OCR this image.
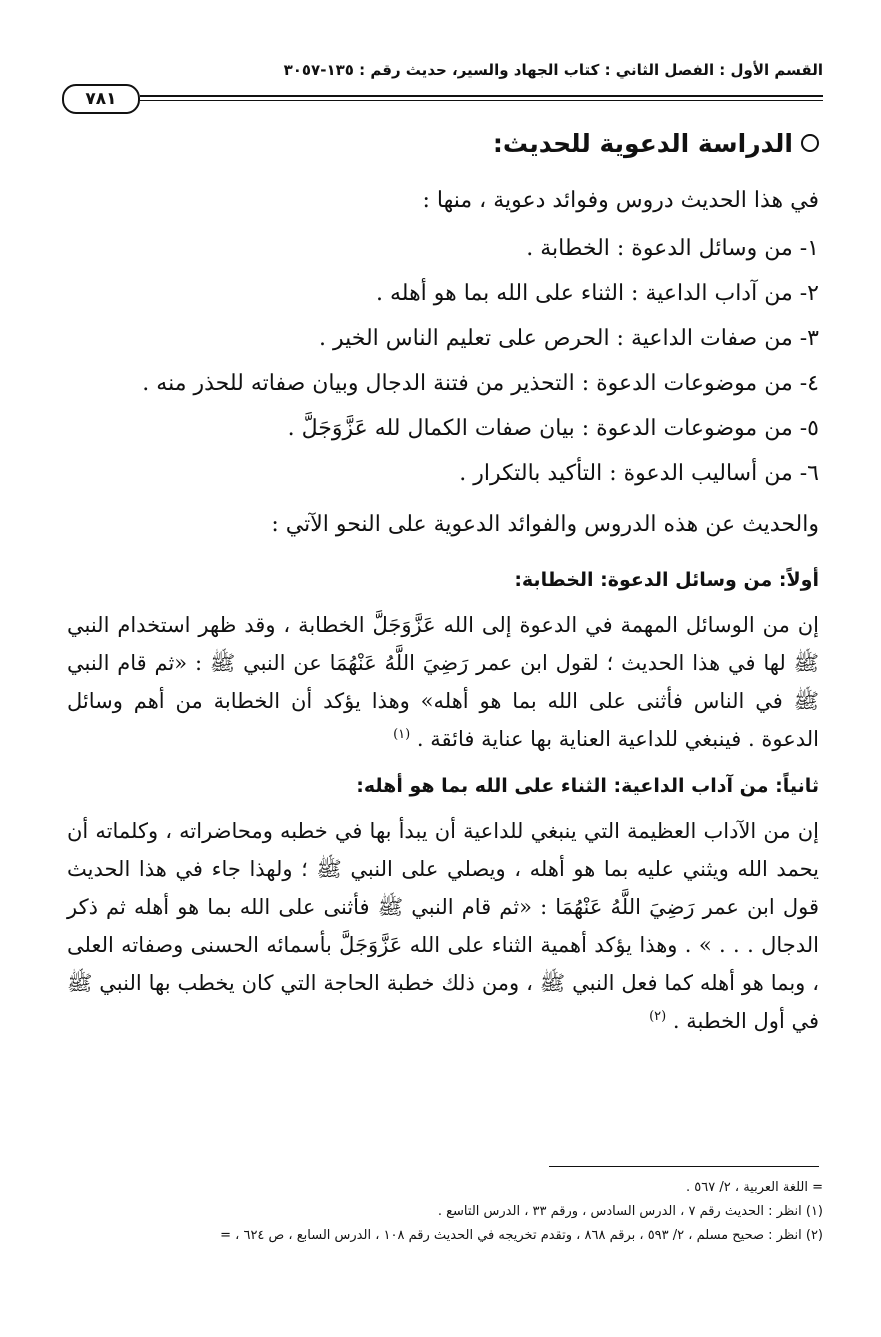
القسم الأول : الفصل الثاني : كتاب الجهاد والسير، حديث رقم : ١٣٥-٣٠٥٧
٧٨١
الدراسة الدعوية للحديث:

في هذا الحديث دروس وفوائد دعوية ، منها :

١- من وسائل الدعوة : الخطابة .
٢- من آداب الداعية : الثناء على الله بما هو أهله .
٣- من صفات الداعية : الحرص على تعليم الناس الخير .
٤- من موضوعات الدعوة : التحذير من فتنة الدجال وبيان صفاته للحذر منه .
٥- من موضوعات الدعوة : بيان صفات الكمال لله عَزَّوَجَلَّ .
٦- من أساليب الدعوة : التأكيد بالتكرار .

والحديث عن هذه الدروس والفوائد الدعوية على النحو الآتي :

أولاً: من وسائل الدعوة: الخطابة:

إن من الوسائل المهمة في الدعوة إلى الله عَزَّوَجَلَّ الخطابة ، وقد ظهر استخدام النبي ﷺ لها في هذا الحديث ؛ لقول ابن عمر رَضِيَ اللَّهُ عَنْهُمَا عن النبي ﷺ : «ثم قام النبي ﷺ في الناس فأثنى على الله بما هو أهله» وهذا يؤكد أن الخطابة من أهم وسائل الدعوة . فينبغي للداعية العناية بها عناية فائقة . $^{(١)}$

ثانياً: من آداب الداعية: الثناء على الله بما هو أهله:

إن من الآداب العظيمة التي ينبغي للداعية أن يبدأ بها في خطبه ومحاضراته ، وكلماته أن يحمد الله ويثني عليه بما هو أهله ، ويصلي على النبي ﷺ ؛ ولهذا جاء في هذا الحديث قول ابن عمر رَضِيَ اللَّهُ عَنْهُمَا : «ثم قام النبي ﷺ فأثنى على الله بما هو أهله ثم ذكر الدجال . . . » . وهذا يؤكد أهمية الثناء على الله عَزَّوَجَلَّ بأسمائه الحسنى وصفاته العلى ، وبما هو أهله كما فعل النبي ﷺ ، ومن ذلك خطبة الحاجة التي كان يخطب بها النبي ﷺ في أول الخطبة . $^{(٢)}$

= اللغة العربية ، ٢/ ٥٦٧ .
(١) انظر : الحديث رقم ٧ ، الدرس السادس ، ورقم ٣٣ ، الدرس التاسع .
(٢) انظر : صحيح مسلم ، ٢/ ٥٩٣ ، برقم ٨٦٨ ، وتقدم تخريجه في الحديث رقم ١٠٨ ، الدرس السابع ، ص ٦٢٤ ، =
